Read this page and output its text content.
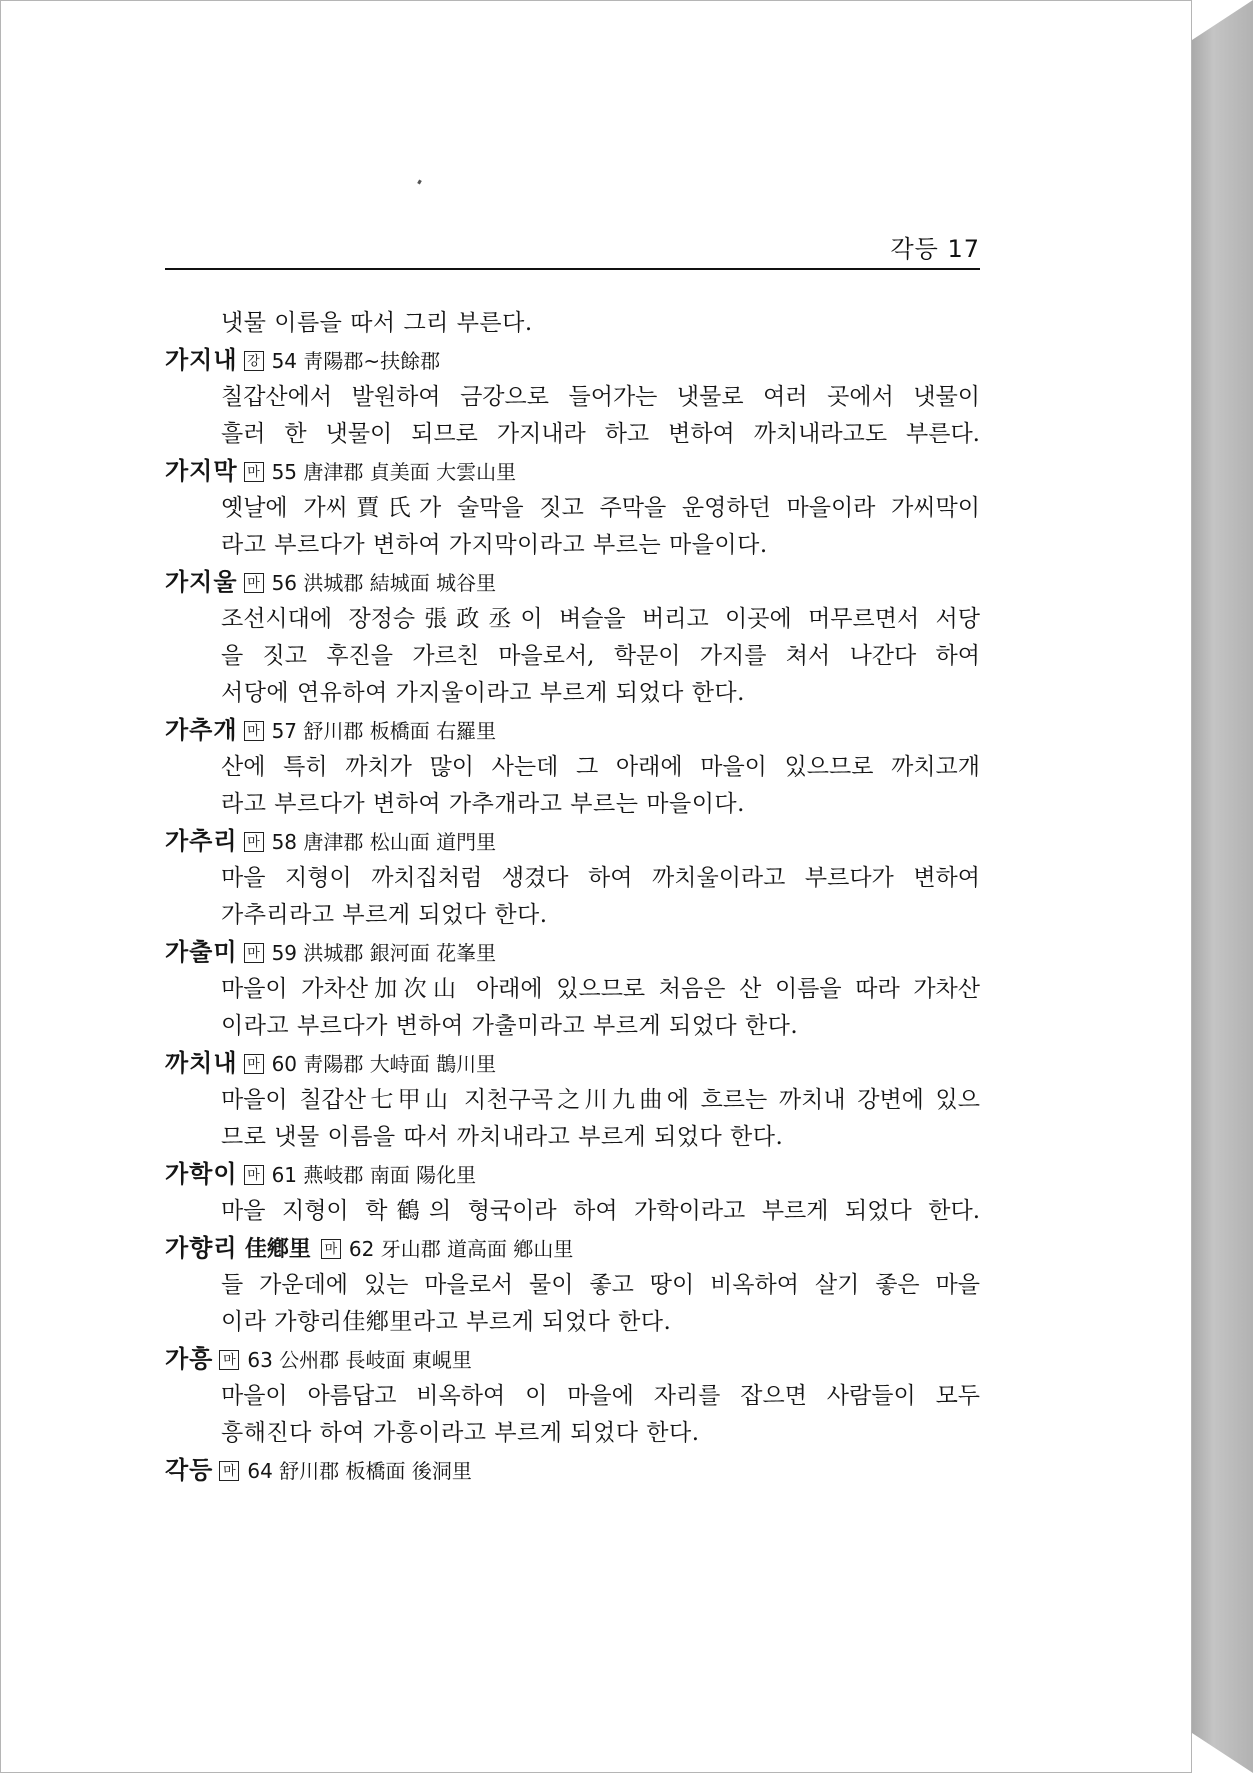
각등 17
냇물 이름을 따서 그리 부른다.
가지내 강 54 靑陽郡~扶餘郡
칠갑산에서 발원하여 금강으로 들어가는 냇물로 여러 곳에서 냇물이
흘러 한 냇물이 되므로 가지내라 하고 변하여 까치내라고도 부른다.
가지막 마 55 唐津郡 貞美面 大雲山里
옛날에 가씨賈氏가 술막을 짓고 주막을 운영하던 마을이라 가씨막이
라고 부르다가 변하여 가지막이라고 부르는 마을이다.
가지울 마 56 洪城郡 結城面 城谷里
조선시대에 장정승張政丞이 벼슬을 버리고 이곳에 머무르면서 서당
을 짓고 후진을 가르친 마을로서, 학문이 가지를 쳐서 나간다 하여
서당에 연유하여 가지울이라고 부르게 되었다 한다.
가추개 마 57 舒川郡 板橋面 右羅里
산에 특히 까치가 많이 사는데 그 아래에 마을이 있으므로 까치고개
라고 부르다가 변하여 가추개라고 부르는 마을이다.
가추리 마 58 唐津郡 松山面 道門里
마을 지형이 까치집처럼 생겼다 하여 까치울이라고 부르다가 변하여
가추리라고 부르게 되었다 한다.
가출미 마 59 洪城郡 銀河面 花峯里
마을이 가차산加次山 아래에 있으므로 처음은 산 이름을 따라 가차산
이라고 부르다가 변하여 가출미라고 부르게 되었다 한다.
까치내 마 60 靑陽郡 大峙面 鵲川里
마을이 칠갑산七甲山 지천구곡之川九曲에 흐르는 까치내 강변에 있으
므로 냇물 이름을 따서 까치내라고 부르게 되었다 한다.
가학이 마 61 燕岐郡 南面 陽化里
마을 지형이 학鶴의 형국이라 하여 가학이라고 부르게 되었다 한다.
가향리 佳鄕里 마 62 牙山郡 道高面 鄕山里
들 가운데에 있는 마을로서 물이 좋고 땅이 비옥하여 살기 좋은 마을
이라 가향리佳鄕里라고 부르게 되었다 한다.
가흥 마 63 公州郡 長岐面 東峴里
마을이 아름답고 비옥하여 이 마을에 자리를 잡으면 사람들이 모두
흥해진다 하여 가흥이라고 부르게 되었다 한다.
각등 마 64 舒川郡 板橋面 後洞里
